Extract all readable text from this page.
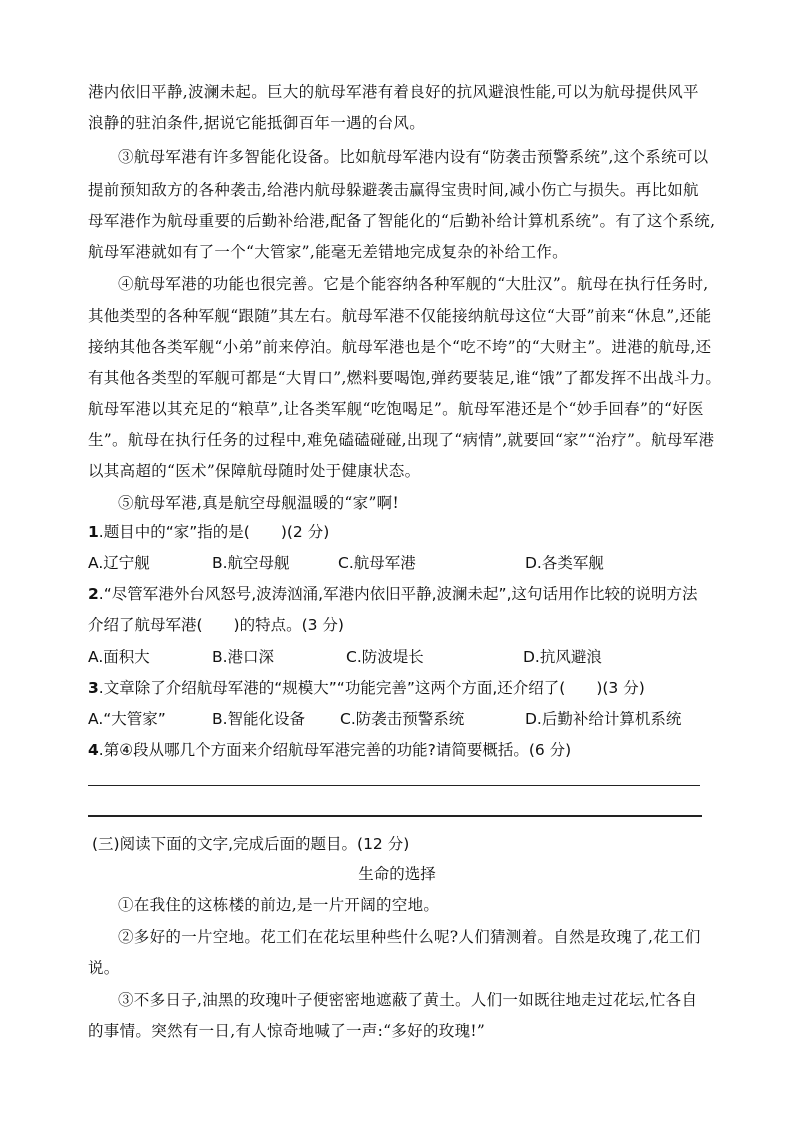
港内依旧平静,波澜未起。巨大的航母军港有着良好的抗风避浪性能,可以为航母提供风平
浪静的驻泊条件,据说它能抵御百年一遇的台风。
③航母军港有许多智能化设备。比如航母军港内设有“防袭击预警系统”,这个系统可以
提前预知敌方的各种袭击,给港内航母躲避袭击赢得宝贵时间,减小伤亡与损失。再比如航
母军港作为航母重要的后勤补给港,配备了智能化的“后勤补给计算机系统”。有了这个系统,
航母军港就如有了一个“大管家”,能毫无差错地完成复杂的补给工作。
④航母军港的功能也很完善。它是个能容纳各种军舰的“大肚汉”。航母在执行任务时,
其他类型的各种军舰“跟随”其左右。航母军港不仅能接纳航母这位“大哥”前来“休息”,还能
接纳其他各类军舰“小弟”前来停泊。航母军港也是个“吃不垮”的“大财主”。进港的航母,还
有其他各类型的军舰可都是“大胃口”,燃料要喝饱,弹药要装足,谁“饿”了都发挥不出战斗力。
航母军港以其充足的“粮草”,让各类军舰“吃饱喝足”。航母军港还是个“妙手回春”的“好医
生”。航母在执行任务的过程中,难免磕磕碰碰,出现了“病情”,就要回“家”“治疗”。航母军港
以其高超的“医术”保障航母随时处于健康状态。
⑤航母军港,真是航空母舰温暖的“家”啊!
1.题目中的“家”指的是(　　)(2 分)
A.辽宁舰	B.航空母舰	C.航母军港	D.各类军舰
2.“尽管军港外台风怒号,波涛汹涌,军港内依旧平静,波澜未起”,这句话用作比较的说明方法
介绍了航母军港(　　)的特点。(3 分)
A.面积大	B.港口深	C.防波堤长	D.抗风避浪
3.文章除了介绍航母军港的“规模大”“功能完善”这两个方面,还介绍了(　　)(3 分)
A.“大管家”	B.智能化设备 C.防袭击预警系统	D.后勤补给计算机系统
4.第④段从哪几个方面来介绍航母军港完善的功能?请简要概括。(6 分)
(三)阅读下面的文字,完成后面的题目。(12 分)
生命的选择
①在我住的这栋楼的前边,是一片开阔的空地。
②多好的一片空地。花工们在花坛里种些什么呢?人们猜测着。自然是玫瑰了,花工们
说。
③不多日子,油黑的玫瑰叶子便密密地遮蔽了黄土。人们一如既往地走过花坛,忙各自
的事情。突然有一日,有人惊奇地喊了一声:“多好的玫瑰!”
